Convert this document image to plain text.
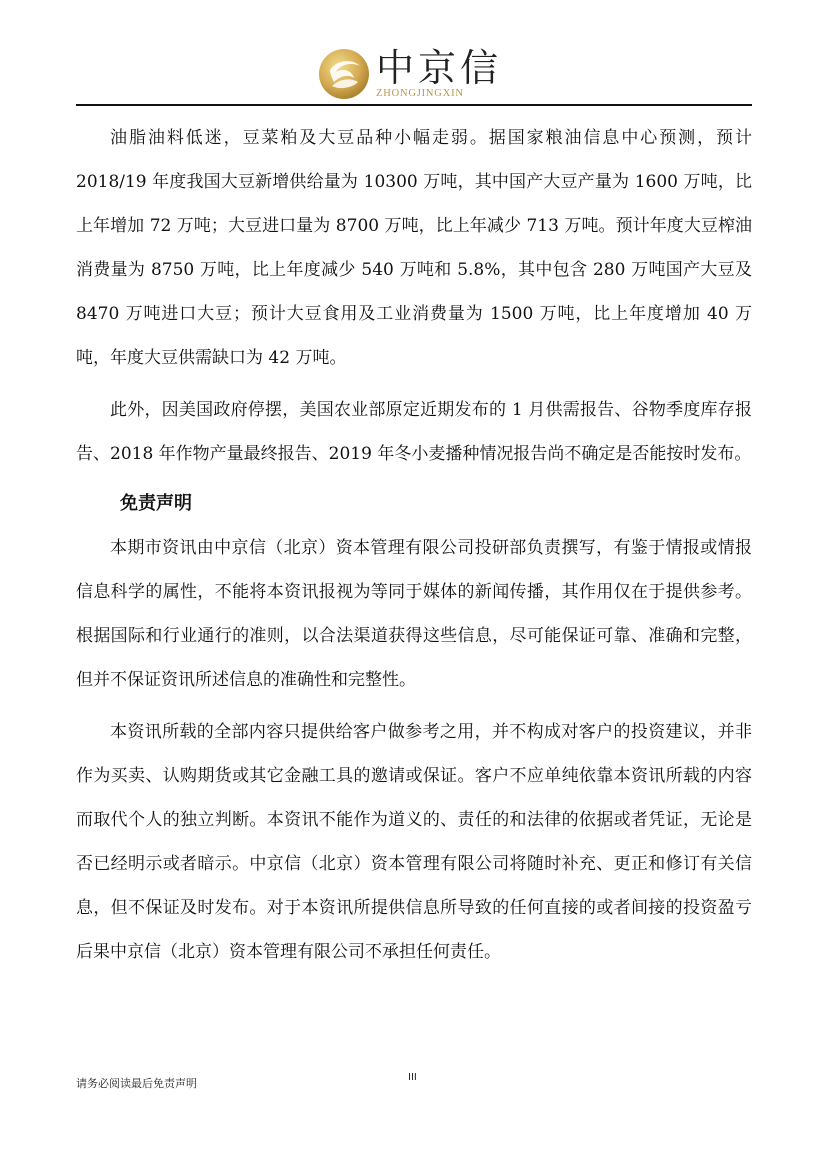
中京信
ZHONGJINGXIN

油脂油料低迷，豆菜粕及大豆品种小幅走弱。据国家粮油信息中心预测，预计 2018/19 年度我国大豆新增供给量为 10300 万吨，其中国产大豆产量为 1600 万吨，比上年增加 72 万吨；大豆进口量为 8700 万吨，比上年减少 713 万吨。预计年度大豆榨油消费量为 8750 万吨，比上年度减少 540 万吨和 5.8%，其中包含 280 万吨国产大豆及 8470 万吨进口大豆；预计大豆食用及工业消费量为 1500 万吨，比上年度增加 40 万吨，年度大豆供需缺口为 42 万吨。

此外，因美国政府停摆，美国农业部原定近期发布的 1 月供需报告、谷物季度库存报告、2018 年作物产量最终报告、2019 年冬小麦播种情况报告尚不确定是否能按时发布。

免责声明

本期市资讯由中京信（北京）资本管理有限公司投研部负责撰写，有鉴于情报或情报信息科学的属性，不能将本资讯报视为等同于媒体的新闻传播，其作用仅在于提供参考。根据国际和行业通行的准则，以合法渠道获得这些信息，尽可能保证可靠、准确和完整，但并不保证资讯所述信息的准确性和完整性。

本资讯所载的全部内容只提供给客户做参考之用，并不构成对客户的投资建议，并非作为买卖、认购期货或其它金融工具的邀请或保证。客户不应单纯依靠本资讯所载的内容而取代个人的独立判断。本资讯不能作为道义的、责任的和法律的依据或者凭证，无论是否已经明示或者暗示。中京信（北京）资本管理有限公司将随时补充、更正和修订有关信息，但不保证及时发布。对于本资讯所提供信息所导致的任何直接的或者间接的投资盈亏后果中京信（北京）资本管理有限公司不承担任何责任。

请务必阅读最后免责声明	III
